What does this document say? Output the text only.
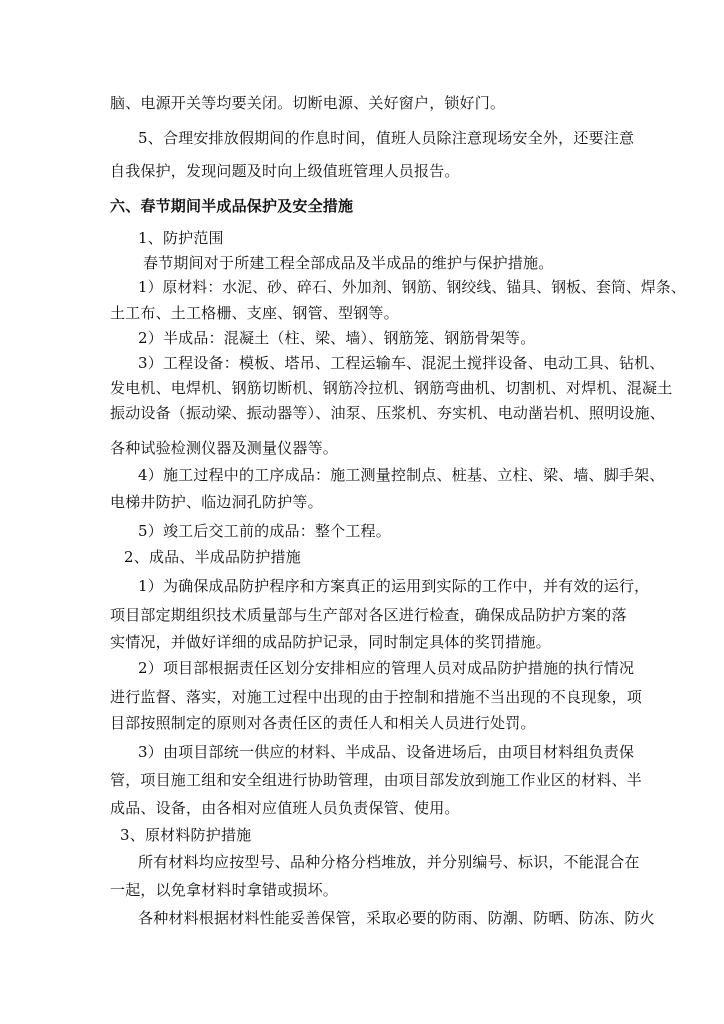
脑、电源开关等均要关闭。切断电源、关好窗户，锁好门。
5、合理安排放假期间的作息时间，值班人员除注意现场安全外，还要注意
自我保护，发现问题及时向上级值班管理人员报告。
六、春节期间半成品保护及安全措施
1、防护范围
春节期间对于所建工程全部成品及半成品的维护与保护措施。
1）原材料：水泥、砂、碎石、外加剂、钢筋、钢绞线、锚具、钢板、套筒、焊条、
土工布、土工格栅、支座、钢管、型钢等。
2）半成品：混凝土（柱、梁、墙）、钢筋笼、钢筋骨架等。
3）工程设备：模板、塔吊、工程运输车、混泥土搅拌设备、电动工具、钻机、
发电机、电焊机、钢筋切断机、钢筋冷拉机、钢筋弯曲机、切割机、对焊机、混凝土
振动设备（振动梁、振动器等）、油泵、压浆机、夯实机、电动凿岩机、照明设施、
各种试验检测仪器及测量仪器等。
4）施工过程中的工序成品：施工测量控制点、桩基、立柱、梁、墙、脚手架、
电梯井防护、临边洞孔防护等。
5）竣工后交工前的成品：整个工程。
2、成品、半成品防护措施
1）为确保成品防护程序和方案真正的运用到实际的工作中，并有效的运行，
项目部定期组织技术质量部与生产部对各区进行检查，确保成品防护方案的落
实情况，并做好详细的成品防护记录，同时制定具体的奖罚措施。
2）项目部根据责任区划分安排相应的管理人员对成品防护措施的执行情况
进行监督、落实，对施工过程中出现的由于控制和措施不当出现的不良现象，项
目部按照制定的原则对各责任区的责任人和相关人员进行处罚。
3）由项目部统一供应的材料、半成品、设备进场后，由项目材料组负责保
管，项目施工组和安全组进行协助管理，由项目部发放到施工作业区的材料、半
成品、设备，由各相对应值班人员负责保管、使用。
3、原材料防护措施
所有材料均应按型号、品种分格分档堆放，并分别编号、标识，不能混合在
一起，以免拿材料时拿错或损坏。
各种材料根据材料性能妥善保管，采取必要的防雨、防潮、防晒、防冻、防火
